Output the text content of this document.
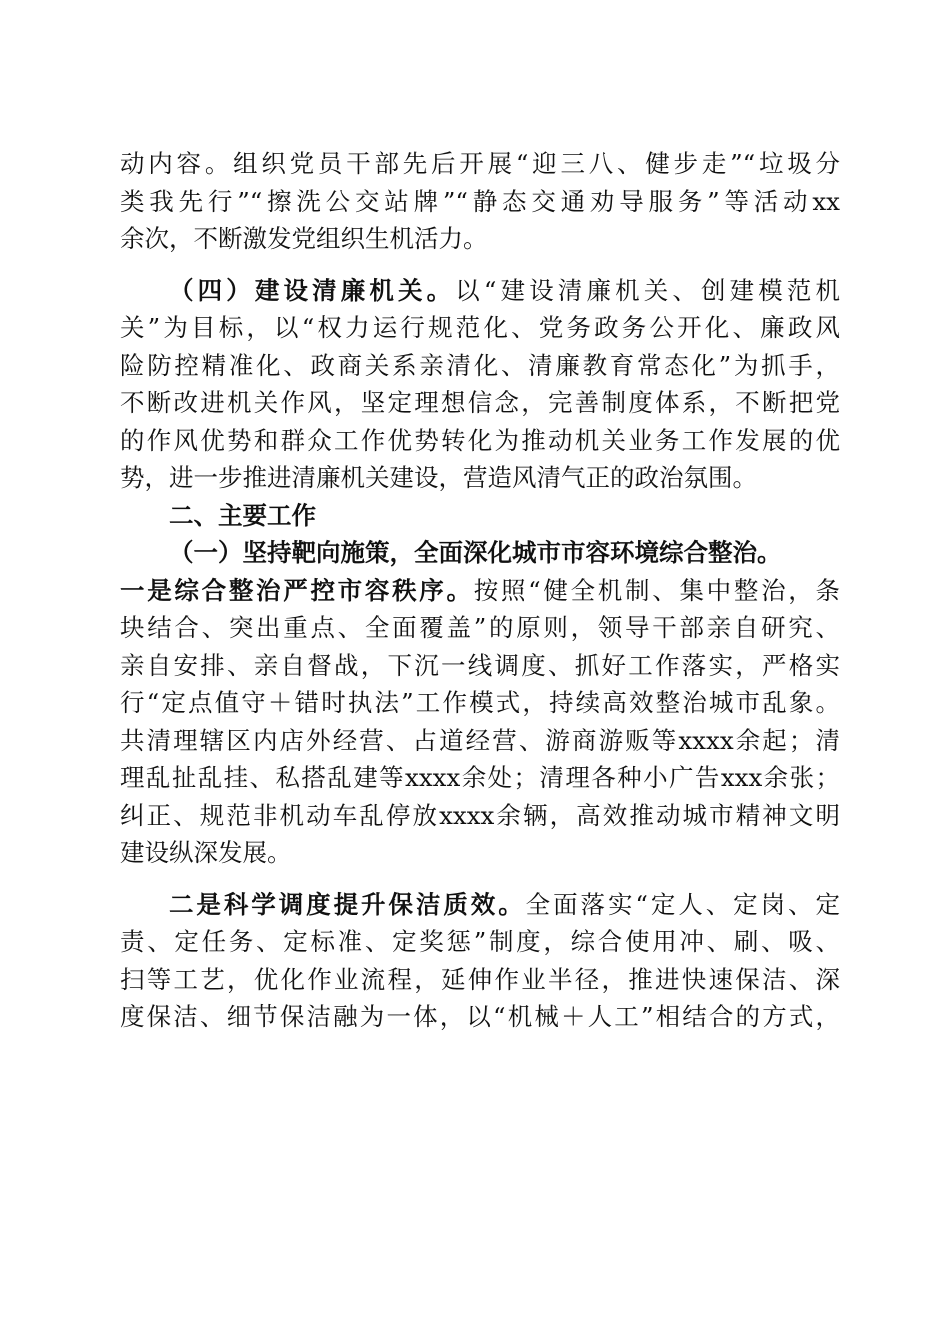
动内容。组织党员干部先后开展“迎三八、健步走”“垃圾分
类我先行”“擦洗公交站牌”“静态交通劝导服务”等活动xx
余次，不断激发党组织生机活力。
（四）建设清廉机关。以“建设清廉机关、创建模范机
关”为目标，以“权力运行规范化、党务政务公开化、廉政风
险防控精准化、政商关系亲清化、清廉教育常态化”为抓手，
不断改进机关作风，坚定理想信念，完善制度体系，不断把党
的作风优势和群众工作优势转化为推动机关业务工作发展的优
势，进一步推进清廉机关建设，营造风清气正的政治氛围。
二、主要工作
（一）坚持靶向施策，全面深化城市市容环境综合整治。
一是综合整治严控市容秩序。按照“健全机制、集中整治，条
块结合、突出重点、全面覆盖”的原则，领导干部亲自研究、
亲自安排、亲自督战，下沉一线调度、抓好工作落实，严格实
行“定点值守＋错时执法”工作模式，持续高效整治城市乱象。
共清理辖区内店外经营、占道经营、游商游贩等xxxx余起；清
理乱扯乱挂、私搭乱建等xxxx余处；清理各种小广告xxx余张；
纠正、规范非机动车乱停放xxxx余辆，高效推动城市精神文明
建设纵深发展。
二是科学调度提升保洁质效。全面落实“定人、定岗、定
责、定任务、定标准、定奖惩”制度，综合使用冲、刷、吸、
扫等工艺，优化作业流程，延伸作业半径，推进快速保洁、深
度保洁、细节保洁融为一体，以“机械＋人工”相结合的方式，
